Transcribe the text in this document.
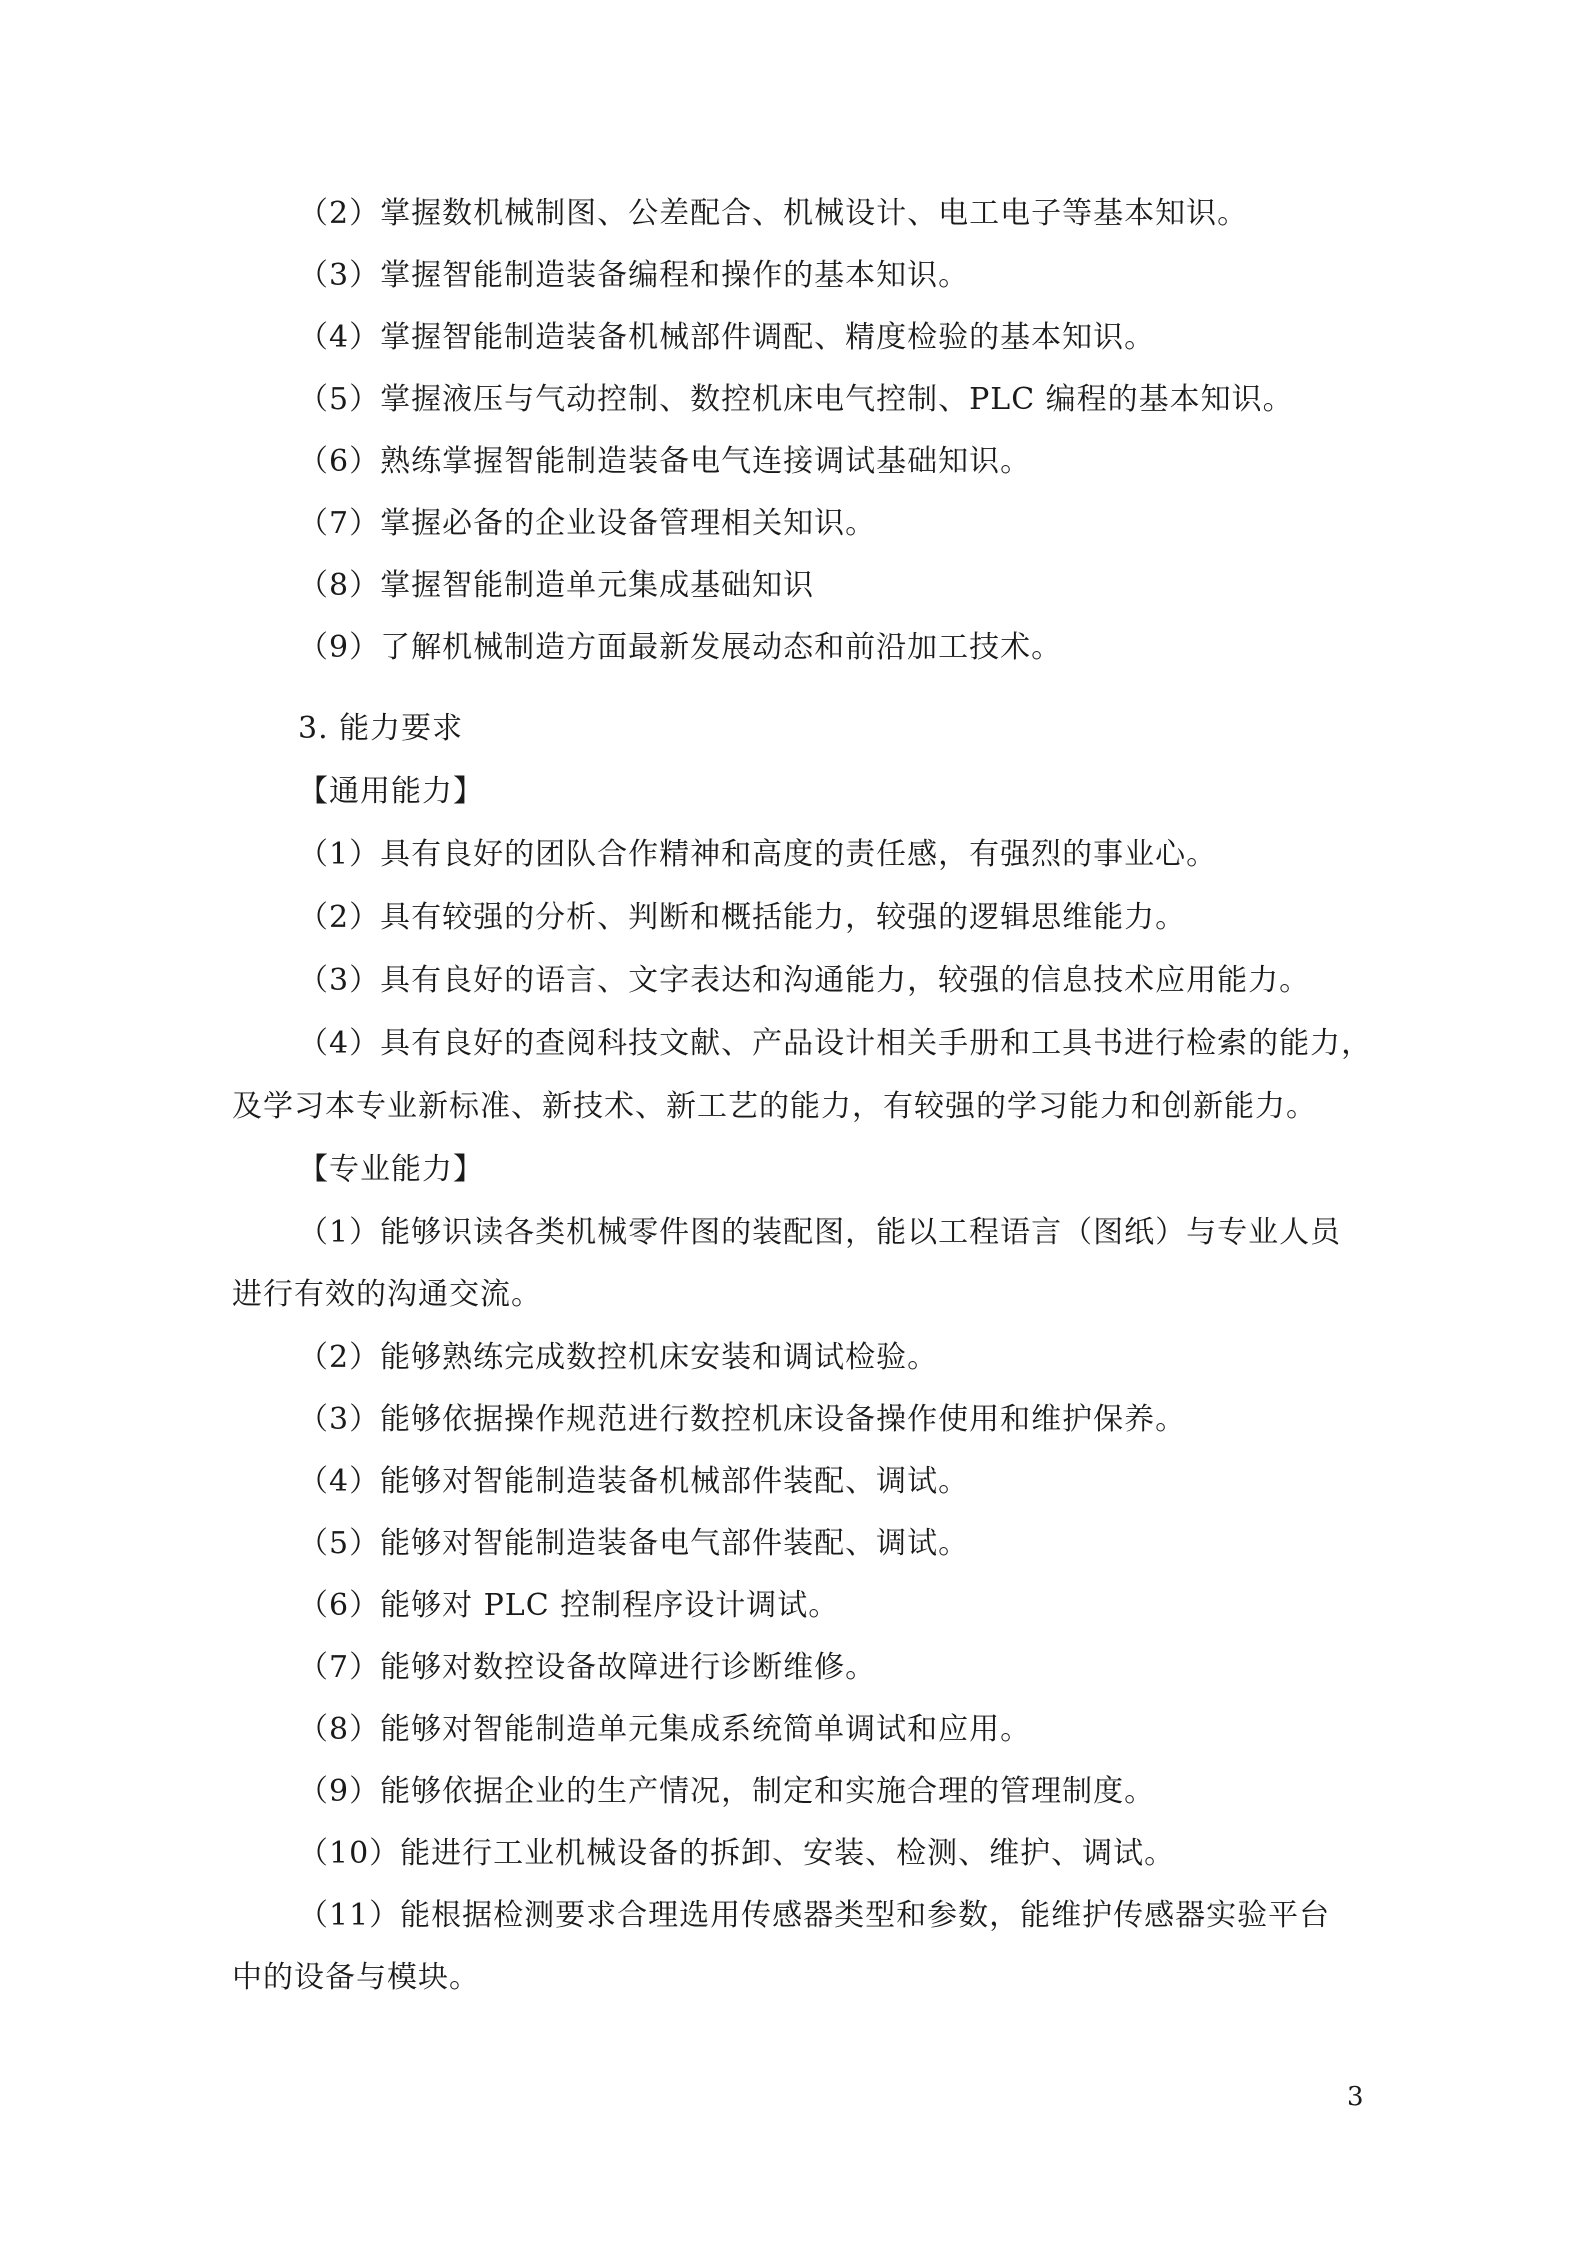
（2）掌握数机械制图、公差配合、机械设计、电工电子等基本知识。
（3）掌握智能制造装备编程和操作的基本知识。
（4）掌握智能制造装备机械部件调配、精度检验的基本知识。
（5）掌握液压与气动控制、数控机床电气控制、PLC 编程的基本知识。
（6）熟练掌握智能制造装备电气连接调试基础知识。
（7）掌握必备的企业设备管理相关知识。
（8）掌握智能制造单元集成基础知识
（9）了解机械制造方面最新发展动态和前沿加工技术。
3. 能力要求
【通用能力】
（1）具有良好的团队合作精神和高度的责任感，有强烈的事业心。
（2）具有较强的分析、判断和概括能力，较强的逻辑思维能力。
（3）具有良好的语言、文字表达和沟通能力，较强的信息技术应用能力。
（4）具有良好的查阅科技文献、产品设计相关手册和工具书进行检索的能力，
及学习本专业新标准、新技术、新工艺的能力，有较强的学习能力和创新能力。
【专业能力】
（1）能够识读各类机械零件图的装配图，能以工程语言（图纸）与专业人员
进行有效的沟通交流。
（2）能够熟练完成数控机床安装和调试检验。
（3）能够依据操作规范进行数控机床设备操作使用和维护保养。
（4）能够对智能制造装备机械部件装配、调试。
（5）能够对智能制造装备电气部件装配、调试。
（6）能够对 PLC 控制程序设计调试。
（7）能够对数控设备故障进行诊断维修。
（8）能够对智能制造单元集成系统简单调试和应用。
（9）能够依据企业的生产情况，制定和实施合理的管理制度。
（10）能进行工业机械设备的拆卸、安装、检测、维护、调试。
（11）能根据检测要求合理选用传感器类型和参数，能维护传感器实验平台
中的设备与模块。
3
